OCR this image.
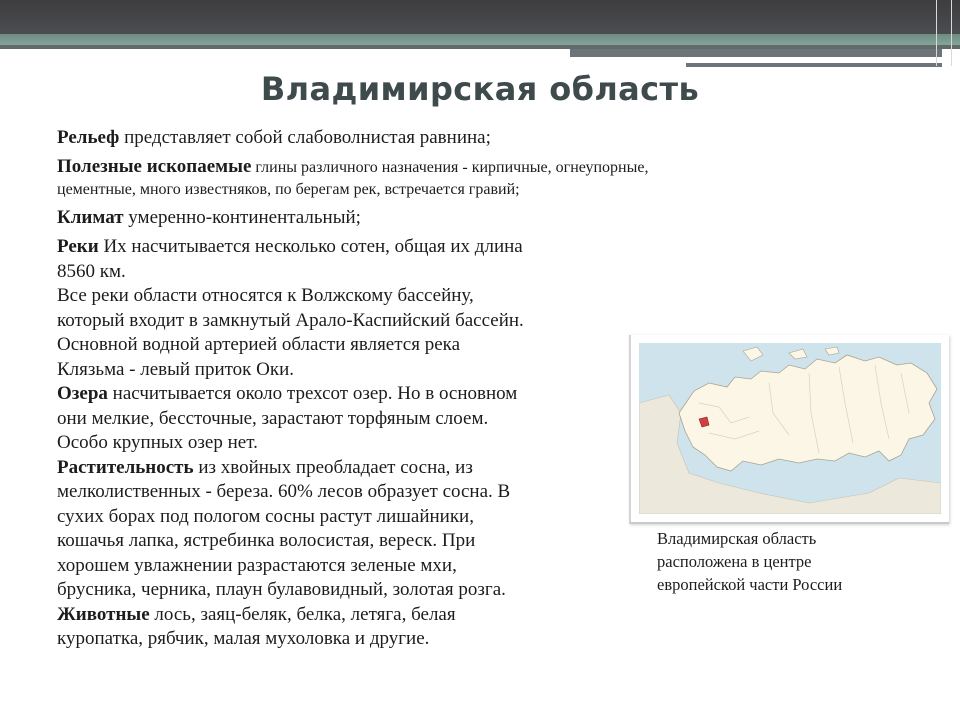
Владимирская область

Рельеф представляет собой слабоволнистая равнина;

Полезные ископаемые глины различного назначения - кирпичные, огнеупорные,
цементные, много известняков, по берегам рек, встречается гравий;

Климат умеренно-континентальный;

Реки Их насчитывается несколько сотен, общая их длина
8560 км.
Все реки области относятся к Волжскому бассейну,
который входит в замкнутый Арало-Каспийский бассейн.
Основной водной артерией области является река
Клязьма - левый приток Оки.

Озера насчитывается около трехсот озер. Но в основном
они мелкие, бессточные, зарастают торфяным слоем.
Особо крупных озер нет.

Растительность из хвойных преобладает сосна, из
мелколиственных - береза. 60% лесов образует сосна. В
сухих борах под пологом сосны растут лишайники,
кошачья лапка, ястребинка волосистая, вереск. При
хорошем увлажнении разрастаются зеленые мхи,
брусника, черника, плаун булавовидный, золотая розга.

Животные лось, заяц-беляк, белка, летяга, белая
куропатка, рябчик, малая мухоловка и другие.

Владимирская область
расположена в центре
европейской части России
